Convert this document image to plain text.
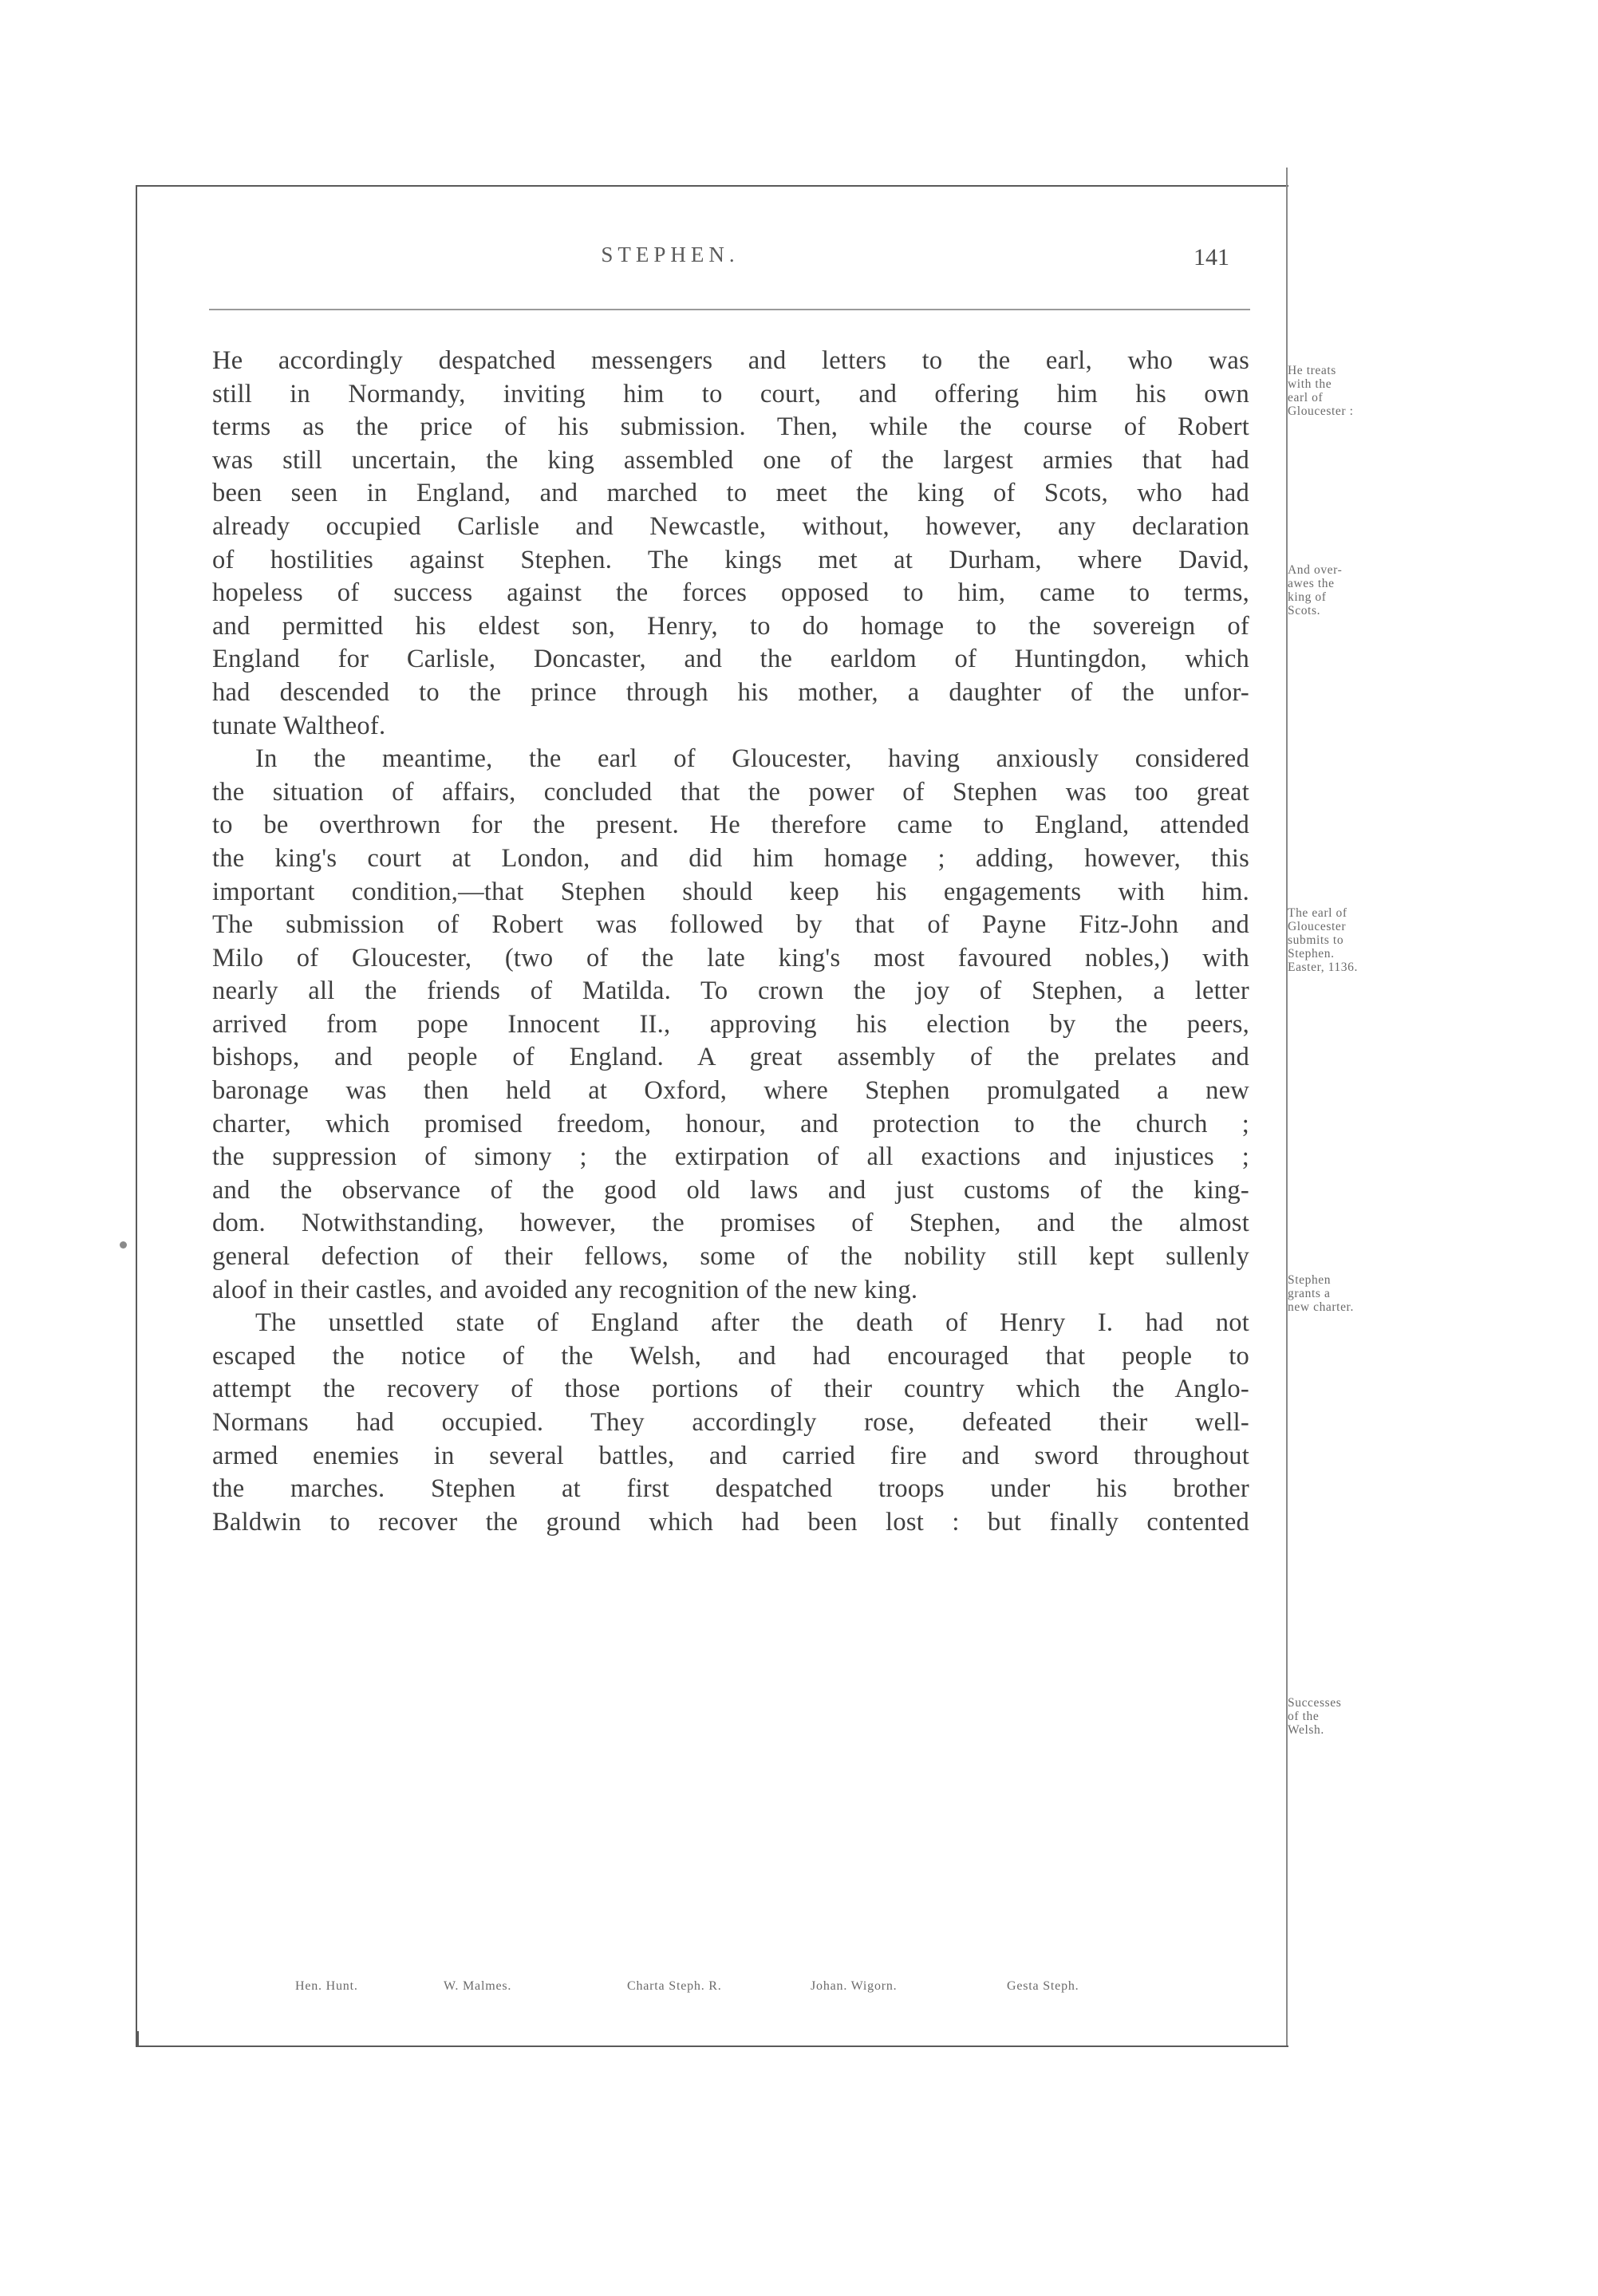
STEPHEN.	141
He accordingly despatched messengers and letters to the earl, who was
still in Normandy, inviting him to court, and offering him his own
terms as the price of his submission. Then, while the course of Robert
was still uncertain, the king assembled one of the largest armies that had
been seen in England, and marched to meet the king of Scots, who had
already occupied Carlisle and Newcastle, without, however, any declaration
of hostilities against Stephen. The kings met at Durham, where David,
hopeless of success against the forces opposed to him, came to terms,
and permitted his eldest son, Henry, to do homage to the sovereign of
England for Carlisle, Doncaster, and the earldom of Huntingdon, which
had descended to the prince through his mother, a daughter of the unfor-
tunate Waltheof.
In the meantime, the earl of Gloucester, having anxiously considered
the situation of affairs, concluded that the power of Stephen was too great
to be overthrown for the present. He therefore came to England, attended
the king's court at London, and did him homage ; adding, however, this
important condition,—that Stephen should keep his engagements with him.
The submission of Robert was followed by that of Payne Fitz-John and
Milo of Gloucester, (two of the late king's most favoured nobles,) with
nearly all the friends of Matilda. To crown the joy of Stephen, a letter
arrived from pope Innocent II., approving his election by the peers,
bishops, and people of England. A great assembly of the prelates and
baronage was then held at Oxford, where Stephen promulgated a new
charter, which promised freedom, honour, and protection to the church ;
the suppression of simony ; the extirpation of all exactions and injustices ;
and the observance of the good old laws and just customs of the king-
dom. Notwithstanding, however, the promises of Stephen, and the almost
general defection of their fellows, some of the nobility still kept sullenly
aloof in their castles, and avoided any recognition of the new king.
The unsettled state of England after the death of Henry I. had not
escaped the notice of the Welsh, and had encouraged that people to
attempt the recovery of those portions of their country which the Anglo-
Normans had occupied. They accordingly rose, defeated their well-
armed enemies in several battles, and carried fire and sword throughout
the marches. Stephen at first despatched troops under his brother
Baldwin to recover the ground which had been lost : but finally contented
He treats
with the
earl of
Gloucester :
And over-
awes the
king of
Scots.
The earl of
Gloucester
submits to
Stephen.
Easter, 1136.
Stephen
grants a
new charter.
Successes
of the
Welsh.
Hen. Hunt.	W. Malmes.	Charta Steph. R.	Johan. Wigorn.	Gesta Steph.
